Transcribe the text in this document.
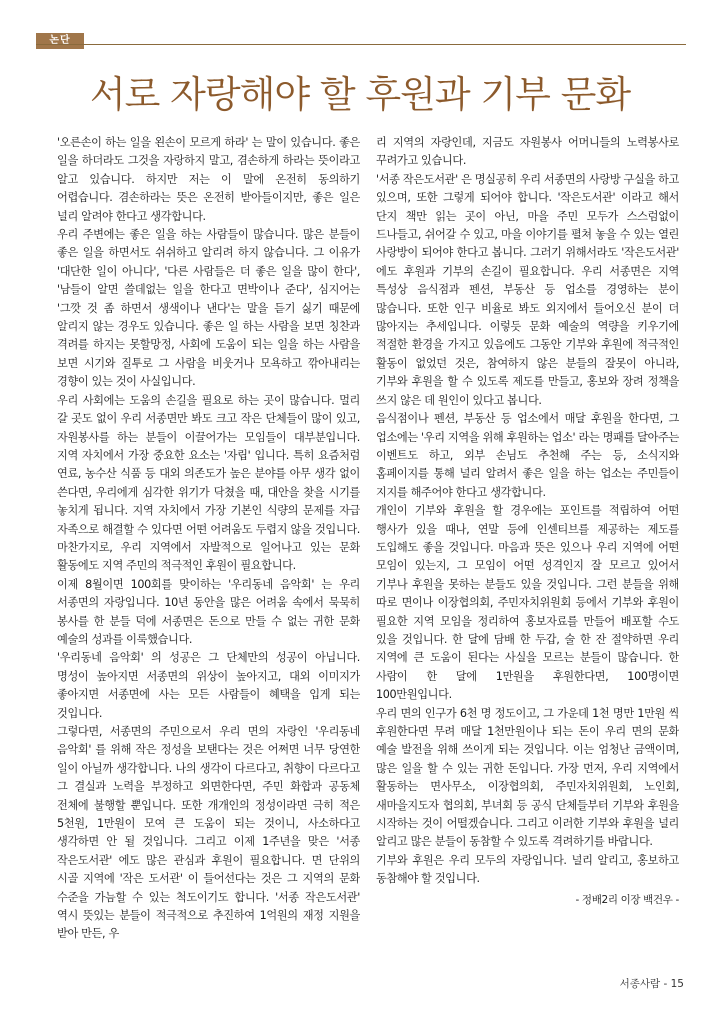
논단
서로 자랑해야 할 후원과 기부 문화

'오른손이 하는 일을 왼손이 모르게 하라' 는 말이 있습니다. 좋은 일을 하더라도 그것을 자랑하지 말고, 겸손하게 하라는 뜻이라고 알고 있습니다. 하지만 저는 이 말에 온전히 동의하기 어렵습니다. 겸손하라는 뜻은 온전히 받아들이지만, 좋은 일은 널리 알려야 한다고 생각합니다.

우리 주변에는 좋은 일을 하는 사람들이 많습니다. 많은 분들이 좋은 일을 하면서도 쉬쉬하고 알리려 하지 않습니다. 그 이유가 '대단한 일이 아니다', '다른 사람들은 더 좋은 일을 많이 한다', '남들이 알면 쓸데없는 일을 한다고 면박이나 준다', 심지어는 '그깟 것 좀 하면서 생색이나 낸다'는 말을 듣기 싫기 때문에 알리지 않는 경우도 있습니다. 좋은 일 하는 사람을 보면 칭찬과 격려를 하지는 못할망정, 사회에 도움이 되는 일을 하는 사람을 보면 시기와 질투로 그 사람을 비웃거나 모욕하고 깎아내리는 경향이 있는 것이 사실입니다.

우리 사회에는 도움의 손길을 필요로 하는 곳이 많습니다. 멀리 갈 곳도 없이 우리 서종면만 봐도 크고 작은 단체들이 많이 있고, 자원봉사를 하는 분들이 이끌어가는 모임들이 대부분입니다. 지역 자치에서 가장 중요한 요소는 '자립' 입니다. 특히 요즘처럼 연료, 농수산 식품 등 대외 의존도가 높은 분야를 아무 생각 없이 쓴다면, 우리에게 심각한 위기가 닥쳤을 때, 대안을 찾을 시기를 놓치게 됩니다. 지역 자치에서 가장 기본인 식량의 문제를 자급 자족으로 해결할 수 있다면 어떤 어려움도 두렵지 않을 것입니다. 마찬가지로, 우리 지역에서 자발적으로 일어나고 있는 문화 활동에도 지역 주민의 적극적인 후원이 필요합니다.

이제 8월이면 100회를 맞이하는 '우리동네 음악회' 는 우리 서종면의 자랑입니다. 10년 동안을 많은 어려움 속에서 묵묵히 봉사를 한 분들 덕에 서종면은 돈으로 만들 수 없는 귀한 문화 예술의 성과를 이룩했습니다.

'우리동네 음악회' 의 성공은 그 단체만의 성공이 아닙니다. 명성이 높아지면 서종면의 위상이 높아지고, 대외 이미지가 좋아지면 서종면에 사는 모든 사람들이 혜택을 입게 되는 것입니다.

그렇다면, 서종면의 주민으로서 우리 면의 자랑인 '우리동네 음악회' 를 위해 작은 정성을 보탠다는 것은 어쩌면 너무 당연한 일이 아닐까 생각합니다. 나의 생각이 다르다고, 취향이 다르다고 그 결실과 노력을 부정하고 외면한다면, 주민 화합과 공동체 전체에 불행할 뿐입니다. 또한 개개인의 정성이라면 극히 적은 5천원, 1만원이 모여 큰 도움이 되는 것이니, 사소하다고 생각하면 안 될 것입니다. 그리고 이제 1주년을 맞은 '서종 작은도서관' 에도 많은 관심과 후원이 필요합니다. 면 단위의 시골 지역에 '작은 도서관' 이 들어선다는 것은 그 지역의 문화 수준을 가늠할 수 있는 척도이기도 합니다. '서종 작은도서관' 역시 뜻있는 분들이 적극적으로 추진하여 1억원의 재정 지원을 받아 만든, 우

리 지역의 자랑인데, 지금도 자원봉사 어머니들의 노력봉사로 꾸려가고 있습니다.

'서종 작은도서관' 은 명실공히 우리 서종면의 사랑방 구실을 하고 있으며, 또한 그렇게 되어야 합니다. '작은도서관' 이라고 해서 단지 책만 읽는 곳이 아닌, 마을 주민 모두가 스스럼없이 드나들고, 쉬어갈 수 있고, 마을 이야기를 펼쳐 놓을 수 있는 열린 사랑방이 되어야 한다고 봅니다. 그러기 위해서라도 '작은도서관' 에도 후원과 기부의 손길이 필요합니다. 우리 서종면은 지역 특성상 음식점과 펜션, 부동산 등 업소를 경영하는 분이 많습니다. 또한 인구 비율로 봐도 외지에서 들어오신 분이 더 많아지는 추세입니다. 이렇듯 문화 예술의 역량을 키우기에 적절한 환경을 가지고 있음에도 그동안 기부와 후원에 적극적인 활동이 없었던 것은, 참여하지 않은 분들의 잘못이 아니라, 기부와 후원을 할 수 있도록 제도를 만들고, 홍보와 장려 정책을 쓰지 않은 데 원인이 있다고 봅니다.

음식점이나 펜션, 부동산 등 업소에서 매달 후원을 한다면, 그 업소에는 '우리 지역을 위해 후원하는 업소' 라는 명패를 달아주는 이벤트도 하고, 외부 손님도 추천해 주는 등, 소식지와 홈페이지를 통해 널리 알려서 좋은 일을 하는 업소는 주민들이 지지를 해주어야 한다고 생각합니다.

개인이 기부와 후원을 할 경우에는 포인트를 적립하여 어떤 행사가 있을 때나, 연말 등에 인센티브를 제공하는 제도를 도입해도 좋을 것입니다. 마음과 뜻은 있으나 우리 지역에 어떤 모임이 있는지, 그 모임이 어떤 성격인지 잘 모르고 있어서 기부나 후원을 못하는 분들도 있을 것입니다. 그런 분들을 위해 따로 면이나 이장협의회, 주민자치위원회 등에서 기부와 후원이 필요한 지역 모임을 정리하여 홍보자료를 만들어 배포할 수도 있을 것입니다. 한 달에 담배 한 두갑, 술 한 잔 절약하면 우리 지역에 큰 도움이 된다는 사실을 모르는 분들이 많습니다. 한 사람이 한 달에 1만원을 후원한다면, 100명이면 100만원입니다.

우리 면의 인구가 6천 명 정도이고, 그 가운데 1천 명만 1만원 씩 후원한다면 무려 매달 1천만원이나 되는 돈이 우리 면의 문화 예술 발전을 위해 쓰이게 되는 것입니다. 이는 엄청난 금액이며, 많은 일을 할 수 있는 귀한 돈입니다. 가장 먼저, 우리 지역에서 활동하는 면사무소, 이장협의회, 주민자치위원회, 노인회, 새마을지도자 협의회, 부녀회 등 공식 단체들부터 기부와 후원을 시작하는 것이 어떨겠습니다. 그리고 이러한 기부와 후원을 널리 알리고 많은 분들이 동참할 수 있도록 격려하기를 바랍니다.

기부와 후원은 우리 모두의 자랑입니다. 널리 알리고, 홍보하고 동참해야 할 것입니다.

- 정배2리 이장 백건우 -

서종사람 - 15
